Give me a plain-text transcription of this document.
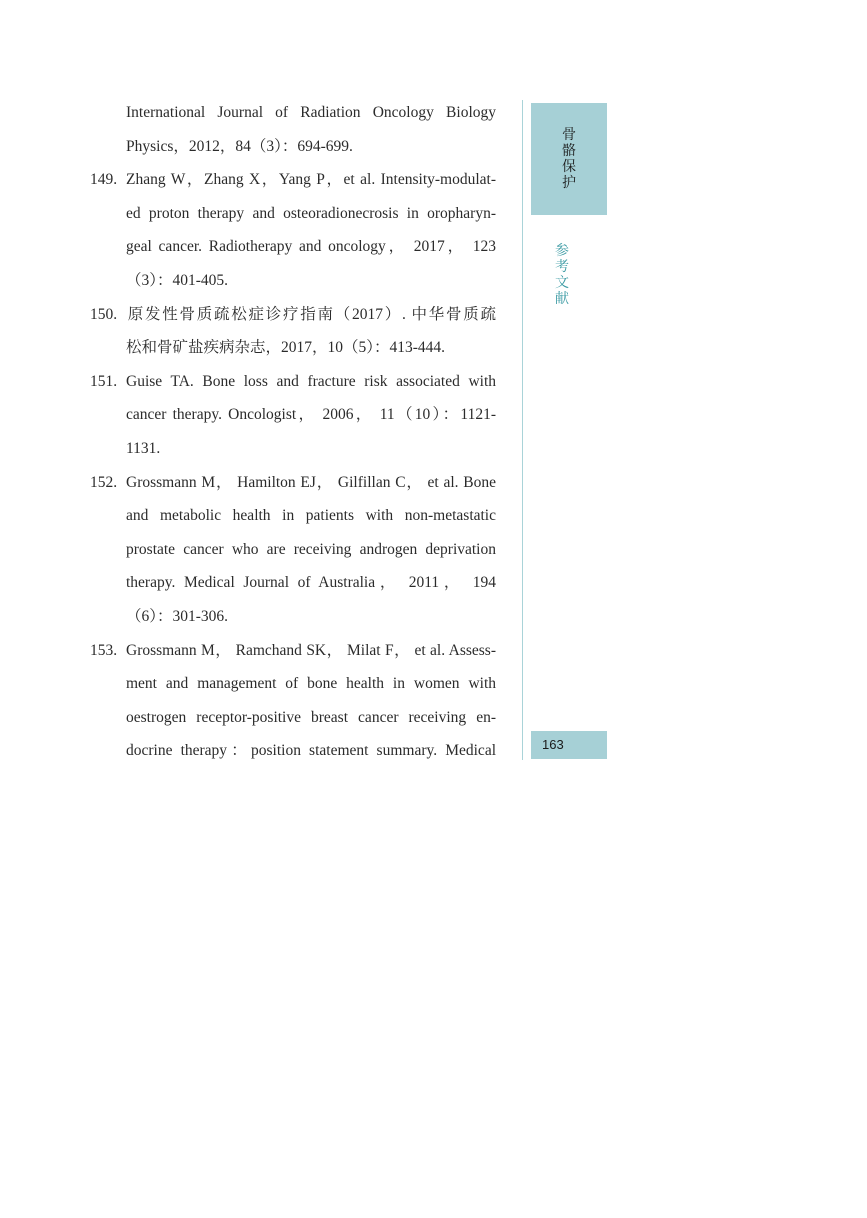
International Journal of Radiation Oncology Biology
Physics，2012，84（3）：694-699.
149. Zhang W，Zhang X，Yang P，et al. Intensity-modulat-
ed proton therapy and osteoradionecrosis in oropharyn-
geal cancer. Radiotherapy and oncology， 2017， 123
（3）：401-405.
150. 原发性骨质疏松症诊疗指南（2017）. 中华骨质疏
松和骨矿盐疾病杂志，2017，10（5）：413-444.
151. Guise TA. Bone loss and fracture risk associated with
cancer therapy. Oncologist， 2006， 11（10）：1121-
1131.
152. Grossmann M， Hamilton EJ， Gilfillan C， et al. Bone
and metabolic health in patients with non-metastatic
prostate cancer who are receiving androgen deprivation
therapy. Medical Journal of Australia， 2011， 194
（6）：301-306.
153. Grossmann M， Ramchand SK， Milat F， et al. Assess-
ment and management of bone health in women with
oestrogen receptor-positive breast cancer receiving en-
docrine therapy：position statement summary. Medical
骨骼保护
参考文献
163
